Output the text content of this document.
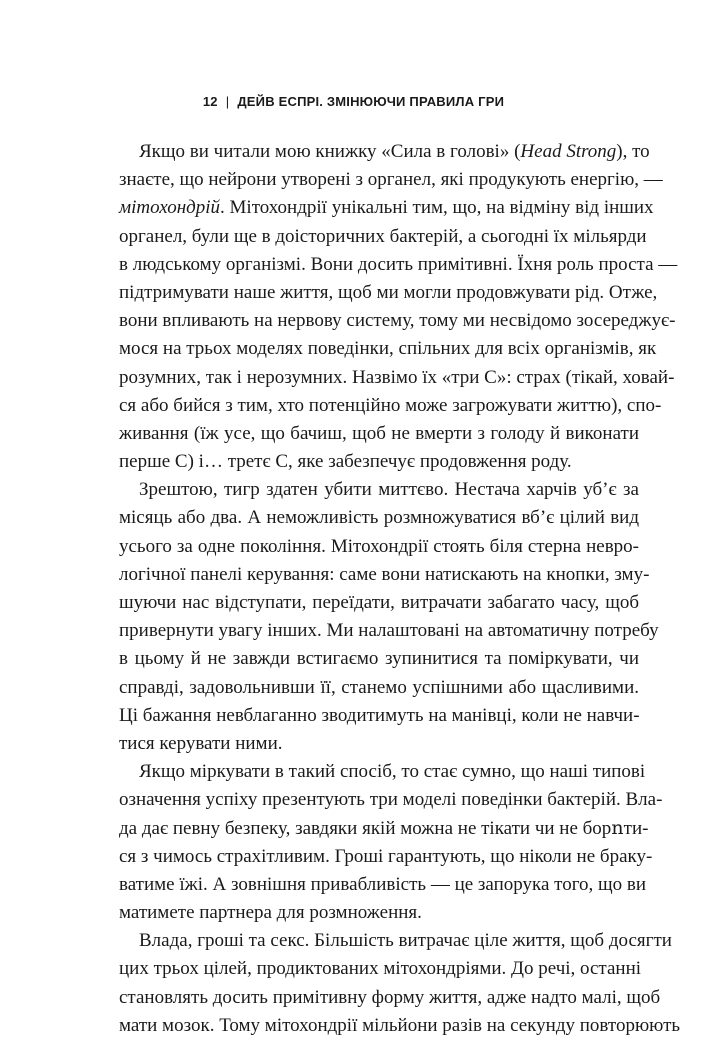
12 | ДЕЙВ ЕСПРІ. ЗМІНЮЮЧИ ПРАВИЛА ГРИ
Якщо ви читали мою книжку «Сила в голові» (Head Strong), то
знаєте, що нейрони утворені з органел, які продукують енергію, —
мітохондрій. Мітохондрії унікальні тим, що, на відміну від інших
органел, були ще в доісторичних бактерій, а сьогодні їх мільярди
в людському організмі. Вони досить примітивні. Їхня роль проста —
підтримувати наше життя, щоб ми могли продовжувати рід. Отже,
вони впливають на нервову систему, тому ми несвідомо зосереджує-
мося на трьох моделях поведінки, спільних для всіх організмів, як
розумних, так і нерозумних. Назвімо їх «три С»: страх (тікай, ховай-
ся або бийся з тим, хто потенційно може загрожувати життю), спо-
живання (їж усе, що бачиш, щоб не вмерти з голоду й виконати
перше С) і… третє С, яке забезпечує продовження роду.
Зрештою, тигр здатен убити миттєво. Нестача харчів уб’є за
місяць або два. А неможливість розмножуватися вб’є цілий вид
усього за одне покоління. Мітохондрії стоять біля стерна невро-
логічної панелі керування: саме вони натискають на кнопки, зму-
шуючи нас відступати, переїдати, витрачати забагато часу, щоб
привернути увагу інших. Ми налаштовані на автоматичну потребу
в цьому й не завжди встигаємо зупинитися та поміркувати, чи
справді, задовольнивши її, станемо успішними або щасливими.
Ці бажання невблаганно зводитимуть на манівці, коли не навчи-
тися керувати ними.
Якщо міркувати в такий спосіб, то стає сумно, що наші типові
означення успіху презентують три моделі поведінки бактерій. Вла-
да дає певну безпеку, завдяки якій можна не тікати чи не борոти-
ся з чимось страхітливим. Гроші гарантують, що ніколи не брaку-
ватиме їжі. А зовнішня привабливість — це запорука того, що ви
матимете партнера для розмноження.
Влада, гроші та секс. Більшість витрачає ціле життя, щоб досягти
цих трьох цілей, продиктованих мітохондріями. До речі, останні
становлять досить примітивну форму життя, адже надто малі, щоб
мати мозок. Тому мітохондрії мільйони разів на секунду повторюють
